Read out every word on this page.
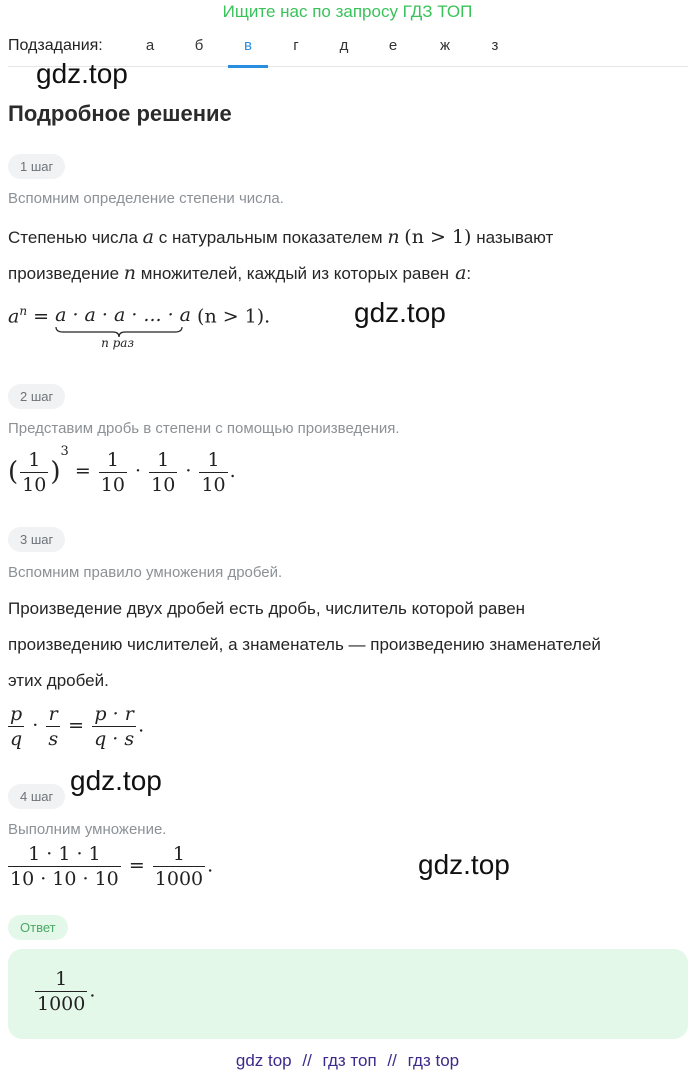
Ищите нас по запросу ГДЗ ТОП
Подзадания:	а	б	в	г	д	е	ж	з
gdz.top
gdz.top
gdz.top
gdz.top
Подробное решение
1 шаг
Вспомним определение степени числа.
Степенью числа a с натуральным показателем n (n > 1) называют
произведение n множителей, каждый из которых равен a:
$a^n = a \cdot a \cdot a$ · ... · a
n раз
(n > 1).
2 шаг
Представим дробь в степени с помощью произведения.
( $\frac{1}{10} )^3 = \frac{1}{10} \cdot \frac{1}{10} \cdot \frac{1}{10}$ .
3 шаг
Вспомним правило умножения дробей.
Произведение двух дробей есть дробь, числитель которой равен
произведению числителей, а знаменатель — произведению знаменателей
этих дробей.
$\frac{p}{q} \cdot \frac{r}{s} = \frac{p \cdot r}{q \cdot s}$ .
4 шаг
Выполним умножение.
$\frac{1 \cdot 1 \cdot 1}{10 \cdot 10 \cdot 10} = \frac{1}{1000}$ .
Ответ
$\frac{1}{1000}$ .
gdz top // гдз топ // гдз top
